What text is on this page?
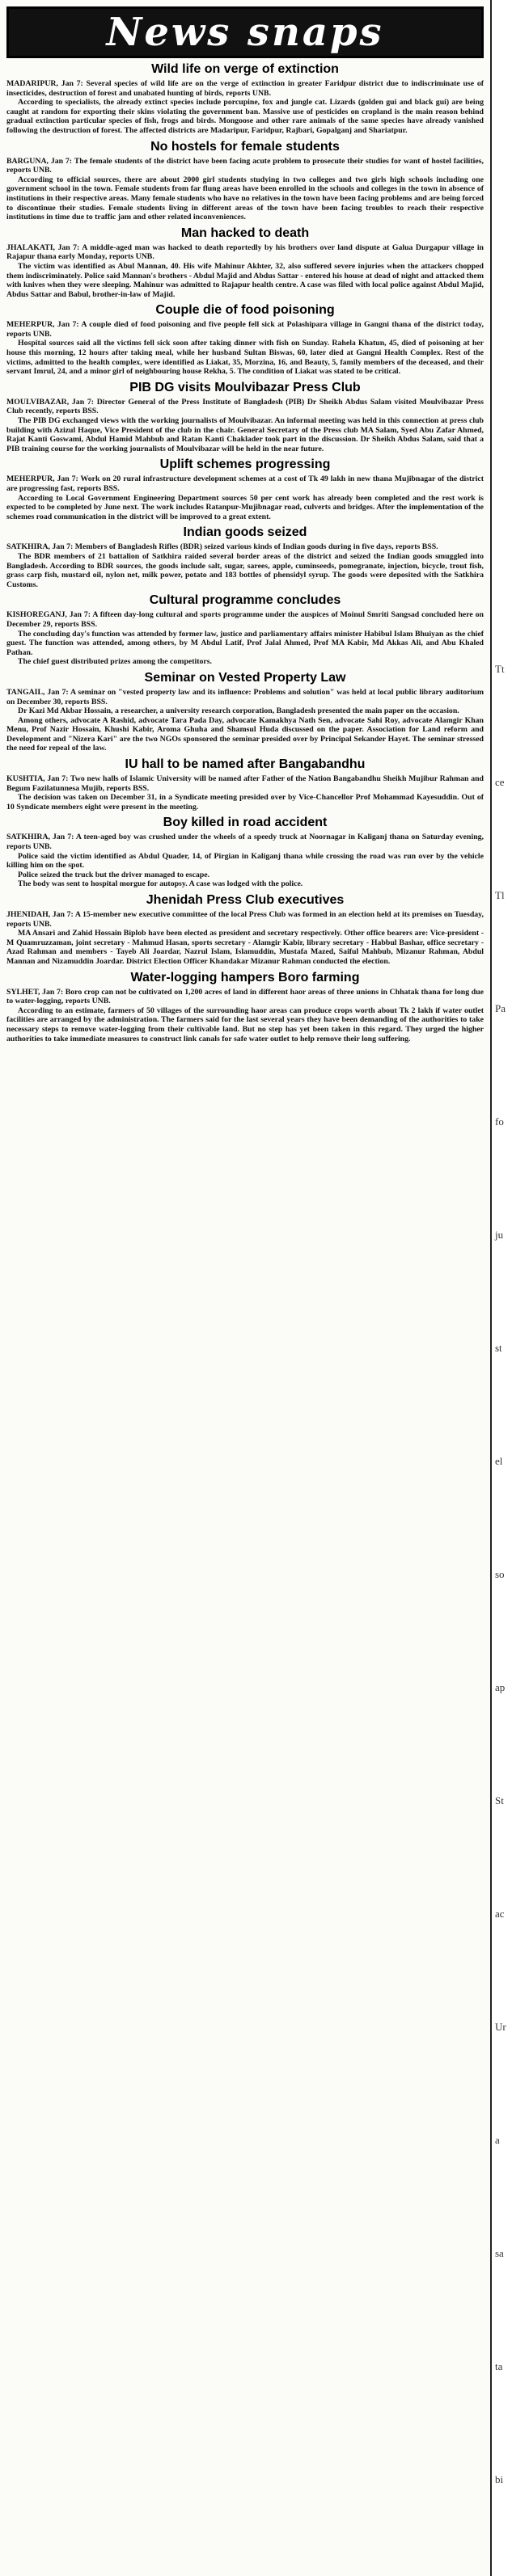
News snaps
Wild life on verge of extinction

MADARIPUR, Jan 7: Several species of wild life are on the verge of extinction in greater Faridpur district due to indiscriminate use of insecticides, destruction of forest and unabated hunting of birds, reports UNB.

According to specialists, the already extinct species include porcupine, fox and jungle cat. Lizards (golden gui and black gui) are being caught at random for exporting their skins violating the government ban. Massive use of pesticides on cropland is the main reason behind gradual extinction particular species of fish, frogs and birds. Mongoose and other rare animals of the same species have already vanished following the destruction of forest. The affected districts are Madaripur, Faridpur, Rajbari, Gopalganj and Shariatpur.

No hostels for female students

BARGUNA, Jan 7: The female students of the district have been facing acute problem to prosecute their studies for want of hostel facilities, reports UNB.

According to official sources, there are about 2000 girl students studying in two colleges and two girls high schools including one government school in the town. Female students from far flung areas have been enrolled in the schools and colleges in the town in absence of institutions in their respective areas. Many female students who have no relatives in the town have been facing problems and are being forced to discontinue their studies. Female students living in different areas of the town have been facing troubles to reach their respective institutions in time due to traffic jam and other related inconveniences.

Man hacked to death

JHALAKATI, Jan 7: A middle-aged man was hacked to death reportedly by his brothers over land dispute at Galua Durgapur village in Rajapur thana early Monday, reports UNB.

The victim was identified as Abul Mannan, 40. His wife Mahinur Akhter, 32, also suffered severe injuries when the attackers chopped them indiscriminately. Police said Mannan's brothers - Abdul Majid and Abdus Sattar - entered his house at dead of night and attacked them with knives when they were sleeping. Mahinur was admitted to Rajapur health centre. A case was filed with local police against Abdul Majid, Abdus Sattar and Babul, brother-in-law of Majid.

Couple die of food poisoning

MEHERPUR, Jan 7: A couple died of food poisoning and five people fell sick at Polashipara village in Gangni thana of the district today, reports UNB.

Hospital sources said all the victims fell sick soon after taking dinner with fish on Sunday. Rahela Khatun, 45, died of poisoning at her house this morning, 12 hours after taking meal, while her husband Sultan Biswas, 60, later died at Gangni Health Complex. Rest of the victims, admitted to the health complex, were identified as Liakat, 35, Morzina, 16, and Beauty, 5, family members of the deceased, and their servant Imrul, 24, and a minor girl of neighbouring house Rekha, 5. The condition of Liakat was stated to be critical.

PIB DG visits Moulvibazar Press Club

MOULVIBAZAR, Jan 7: Director General of the Press Institute of Bangladesh (PIB) Dr Sheikh Abdus Salam visited Moulvibazar Press Club recently, reports BSS.

The PIB DG exchanged views with the working journalists of Moulvibazar. An informal meeting was held in this connection at press club building with Azizul Haque, Vice President of the club in the chair. General Secretary of the Press club MA Salam, Syed Abu Zafar Ahmed, Rajat Kanti Goswami, Abdul Hamid Mahbub and Ratan Kanti Chaklader took part in the discussion. Dr Sheikh Abdus Salam, said that a PIB training course for the working journalists of Moulvibazar will be held in the near future.

Uplift schemes progressing

MEHERPUR, Jan 7: Work on 20 rural infrastructure development schemes at a cost of Tk 49 lakh in new thana Mujibnagar of the district are progressing fast, reports BSS.

According to Local Government Engineering Department sources 50 per cent work has already been completed and the rest work is expected to be completed by June next. The work includes Ratanpur-Mujibnagar road, culverts and bridges. After the implementation of the schemes road communication in the district will be improved to a great extent.

Indian goods seized

SATKHIRA, Jan 7: Members of Bangladesh Rifles (BDR) seized various kinds of Indian goods during in five days, reports BSS.

The BDR members of 21 battalion of Satkhira raided several border areas of the district and seized the Indian goods smuggled into Bangladesh. According to BDR sources, the goods include salt, sugar, sarees, apple, cuminseeds, pomegranate, injection, bicycle, trout fish, grass carp fish, mustard oil, nylon net, milk power, potato and 183 bottles of phensidyl syrup. The goods were deposited with the Satkhira Customs.

Cultural programme concludes

KISHOREGANJ, Jan 7: A fifteen day-long cultural and sports programme under the auspices of Moinul Smriti Sangsad concluded here on December 29, reports BSS.

The concluding day's function was attended by former law, justice and parliamentary affairs minister Habibul Islam Bhuiyan as the chief guest. The function was attended, among others, by M Abdul Latif, Prof Jalal Ahmed, Prof MA Kabir, Md Akkas Ali, and Abu Khaled Pathan.

The chief guest distributed prizes among the competitors.

Seminar on Vested Property Law

TANGAIL, Jan 7: A seminar on "vested property law and its influence: Problems and solution" was held at local public library auditorium on December 30, reports BSS.

Dr Kazi Md Akbar Hossain, a researcher, a university research corporation, Bangladesh presented the main paper on the occasion.

Among others, advocate A Rashid, advocate Tara Pada Day, advocate Kamakhya Nath Sen, advocate Sahi Roy, advocate Alamgir Khan Menu, Prof Nazir Hossain, Khushi Kabir, Aroma Ghuha and Shamsul Huda discussed on the paper. Association for Land reform and Development and "Nizera Kari" are the two NGOs sponsored the seminar presided over by Principal Sekander Hayet. The seminar stressed the need for repeal of the law.

IU hall to be named after Bangabandhu

KUSHTIA, Jan 7: Two new halls of Islamic University will be named after Father of the Nation Bangabandhu Sheikh Mujibur Rahman and Begum Fazilatunnesa Mujib, reports BSS.

The decision was taken on December 31, in a Syndicate meeting presided over by Vice-Chancellor Prof Mohammad Kayesuddin. Out of 10 Syndicate members eight were present in the meeting.

Boy killed in road accident

SATKHIRA, Jan 7: A teen-aged boy was crushed under the wheels of a speedy truck at Noornagar in Kaliganj thana on Saturday evening, reports UNB.

Police said the victim identified as Abdul Quader, 14, of Pirgian in Kaliganj thana while crossing the road was run over by the vehicle killing him on the spot.

Police seized the truck but the driver managed to escape.

The body was sent to hospital morgue for autopsy. A case was lodged with the police.

Jhenidah Press Club executives

JHENIDAH, Jan 7: A 15-member new executive committee of the local Press Club was formed in an election held at its premises on Tuesday, reports UNB.

MA Ansari and Zahid Hossain Biplob have been elected as president and secretary respectively. Other office bearers are: Vice-president - M Quamruzzaman, joint secretary - Mahmud Hasan, sports secretary - Alamgir Kabir, library secretary - Habbul Bashar, office secretary - Azad Rahman and members - Tayeb Ali Joardar, Nazrul Islam, Islamuddin, Mustafa Mazed, Saiful Mahbub, Mizanur Rahman, Abdul Mannan and Nizamuddin Joardar. District Election Officer Khandakar Mizanur Rahman conducted the election.

Water-logging hampers Boro farming

SYLHET, Jan 7: Boro crop can not be cultivated on 1,200 acres of land in different haor areas of three unions in Chhatak thana for long due to water-logging, reports UNB.

According to an estimate, farmers of 50 villages of the surrounding haor areas can produce crops worth about Tk 2 lakh if water outlet facilities are arranged by the administration. The farmers said for the last several years they have been demanding of the authorities to take necessary steps to remove water-logging from their cultivable land. But no step has yet been taken in this regard. They urged the higher authorities to take immediate measures to construct link canals for safe water outlet to help remove their long suffering.

Tt
ce
Tl
Pa
fo
ju
st
el
so
ap
St
ac
Ur
a
sa
ta
bi
